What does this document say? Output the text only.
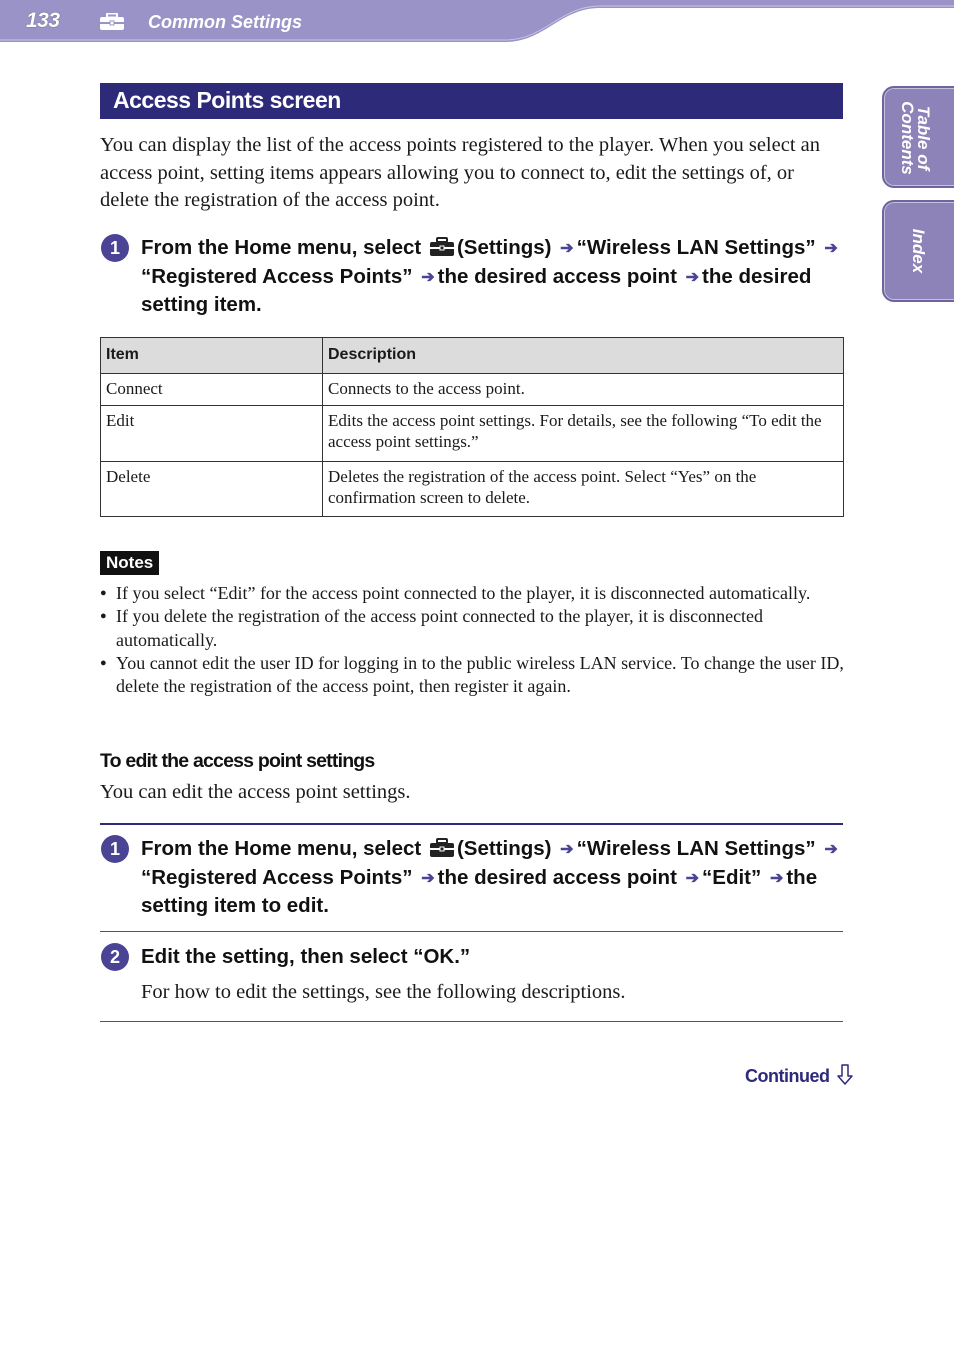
133	Common Settings
Table of Contents
Index
Access Points screen
You can display the list of the access points registered to the player. When you select an access point, setting items appears allowing you to connect to, edit the settings of, or delete the registration of the access point.
1	From the Home menu, select (Settings) ➔ “Wireless LAN Settings” ➔“Registered Access Points” ➔ the desired access point ➔ the desired setting item.
Item	Description
Connect	Connects to the access point.
Edit	Edits the access point settings. For details, see the following “To edit the access point settings.”
Delete	Deletes the registration of the access point. Select “Yes” on the confirmation screen to delete.
Notes
● If you select “Edit” for the access point connected to the player, it is disconnected automatically.
● If you delete the registration of the access point connected to the player, it is disconnected automatically.
● You cannot edit the user ID for logging in to the public wireless LAN service. To change the user ID, delete the registration of the access point, then register it again.
To edit the access point settings
You can edit the access point settings.
1	From the Home menu, select (Settings) ➔ “Wireless LAN Settings” ➔“Registered Access Points” ➔ the desired access point ➔ “Edit” ➔ the setting item to edit.
2	Edit the setting, then select “OK.”
For how to edit the settings, see the following descriptions.
Continued
